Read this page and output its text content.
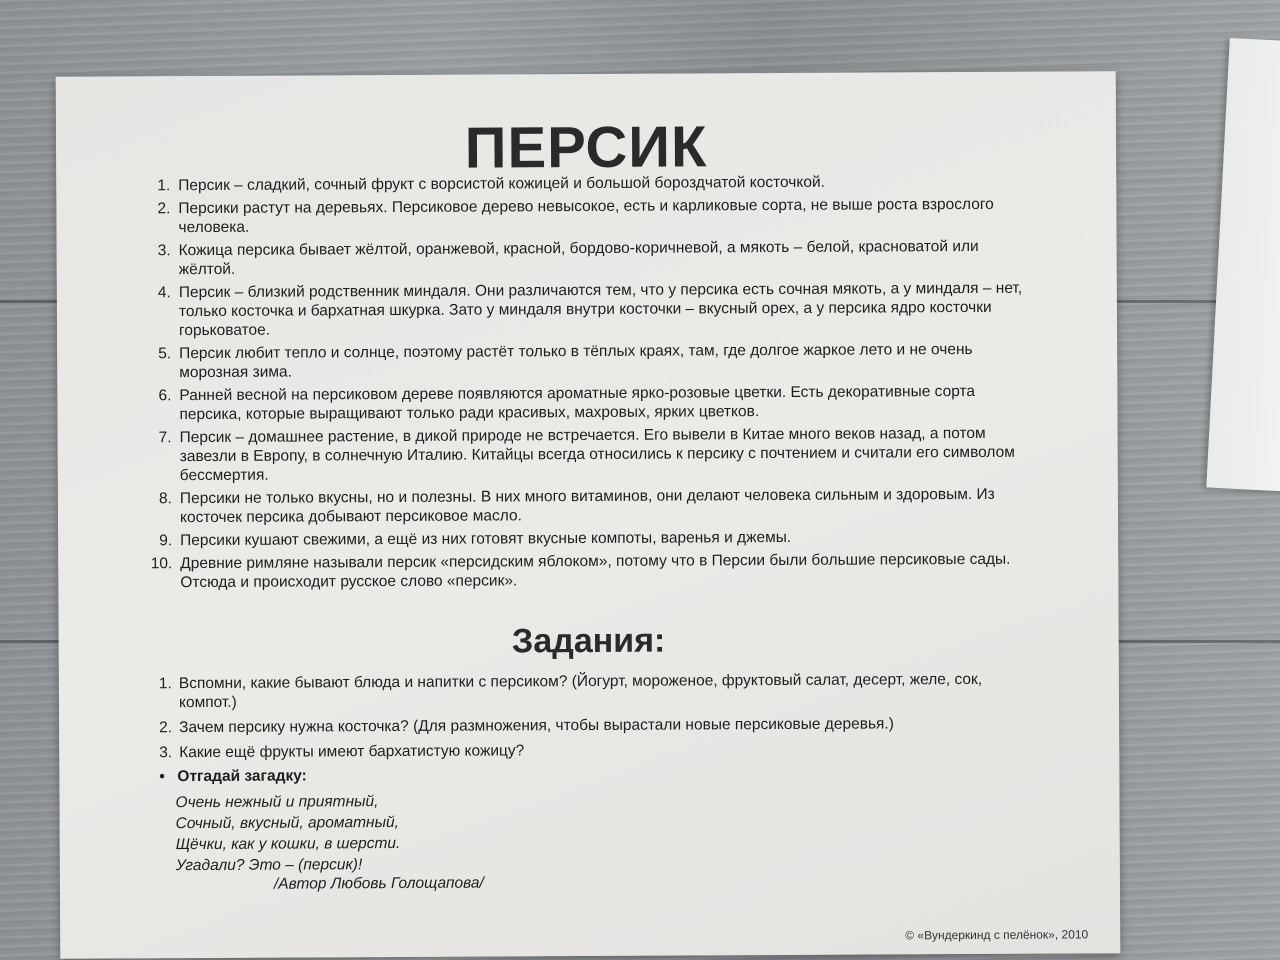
ПЕРСИК
1. Персик – сладкий, сочный фрукт с ворсистой кожицей и большой бороздчатой косточкой.
2. Персики растут на деревьях. Персиковое дерево невысокое, есть и карликовые сорта, не выше роста взрослого человека.
3. Кожица персика бывает жёлтой, оранжевой, красной, бордово-коричневой, а мякоть – белой, красноватой или жёлтой.
4. Персик – близкий родственник миндаля. Они различаются тем, что у персика есть сочная мякоть, а у миндаля – нет, только косточка и бархатная шкурка. Зато у миндаля внутри косточки – вкусный орех, а у персика ядро косточки горьковатое.
5. Персик любит тепло и солнце, поэтому растёт только в тёплых краях, там, где долгое жаркое лето и не очень морозная зима.
6. Ранней весной на персиковом дереве появляются ароматные ярко-розовые цветки. Есть декоративные сорта персика, которые выращивают только ради красивых, махровых, ярких цветков.
7. Персик – домашнее растение, в дикой природе не встречается. Его вывели в Китае много веков назад, а потом завезли в Европу, в солнечную Италию. Китайцы всегда относились к персику с почтением и считали его символом бессмертия.
8. Персики не только вкусны, но и полезны. В них много витаминов, они делают человека сильным и здоровым. Из косточек персика добывают персиковое масло.
9. Персики кушают свежими, а ещё из них готовят вкусные компоты, варенья и джемы.
10. Древние римляне называли персик «персидским яблоком», потому что в Персии были большие персиковые сады. Отсюда и происходит русское слово «персик».
Задания:
1. Вспомни, какие бывают блюда и напитки с персиком? (Йогурт, мороженое, фруктовый салат, десерт, желе, сок, компот.)
2. Зачем персику нужна косточка? (Для размножения, чтобы вырастали новые персиковые деревья.)
3. Какие ещё фрукты имеют бархатистую кожицу?
• Отгадай загадку:
Очень нежный и приятный,
Сочный, вкусный, ароматный,
Щёчки, как у кошки, в шерсти.
Угадали? Это – (персик)!
/Автор Любовь Голощапова/
© «Вундеркинд с пелёнок», 2010
